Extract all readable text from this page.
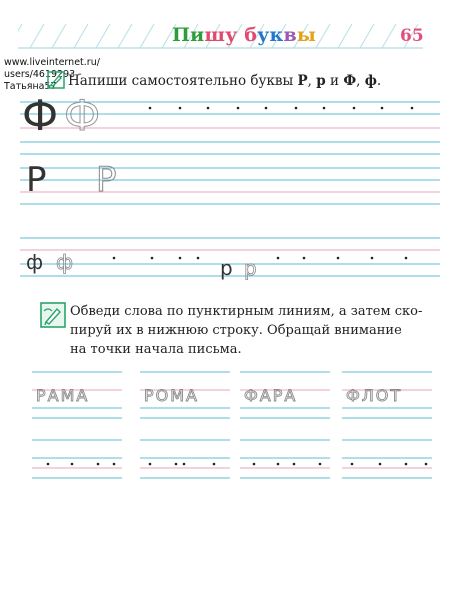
Пишу буквы	65
www.liveinternet.ru/
users/4619293 -
Татьяна57 Напиши самостоятельно буквы Р, р и Ф, ф.
Ф Ф
Р Р
ф ф	р р
Обведи слова по пунктирным линиям, а затем ско-
пируй их в нижнюю строку. Обращай внимание
на точки начала письма.
РАМА	РОМА	ФАРА	ФЛОТ
